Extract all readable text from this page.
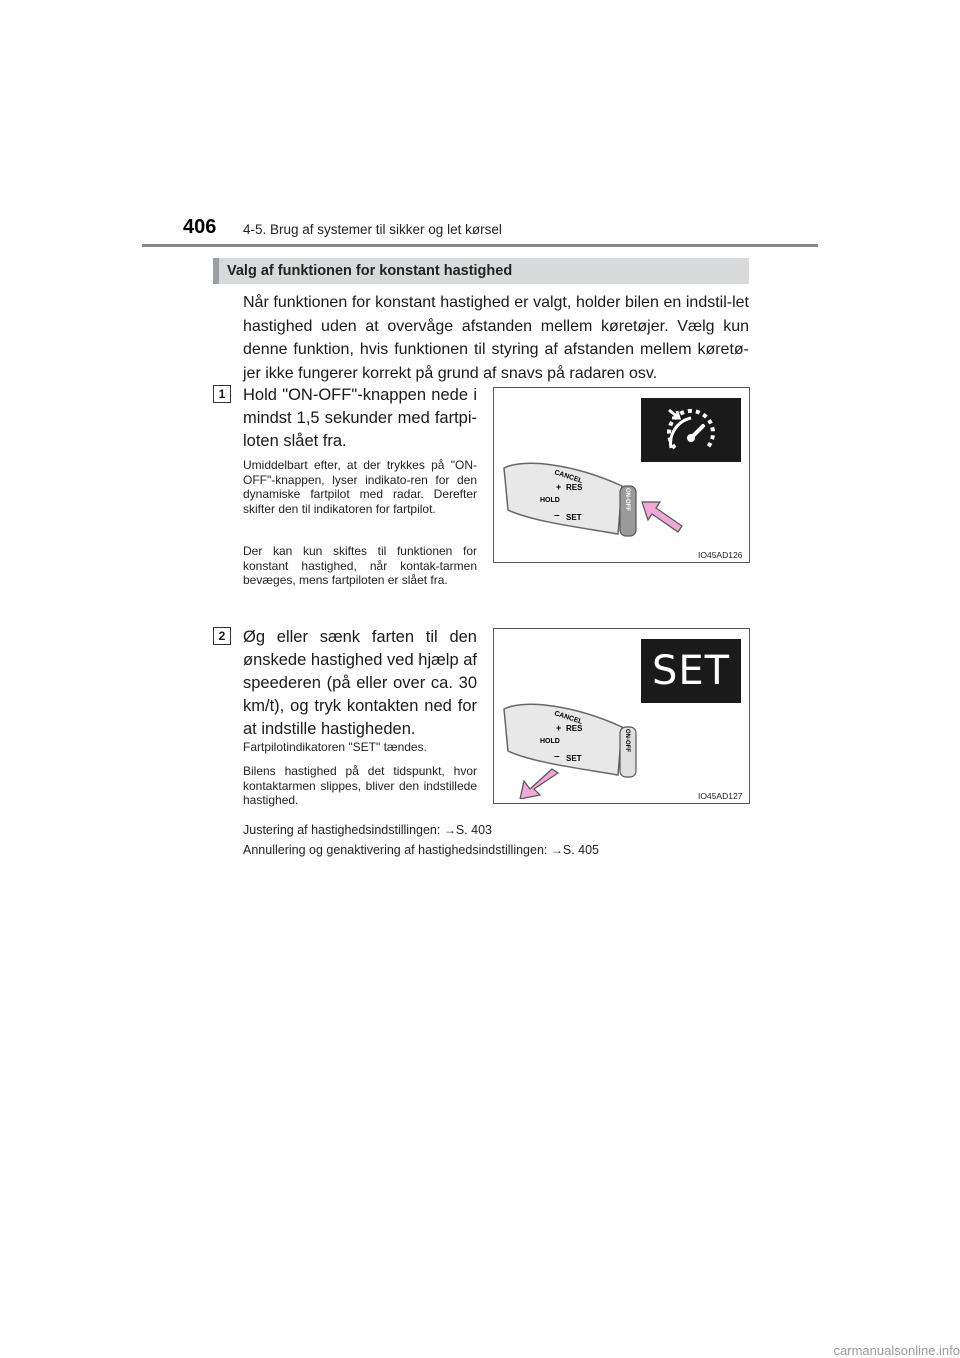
406 4-5. Brug af systemer til sikker og let kørsel
Valg af funktionen for konstant hastighed
Når funktionen for konstant hastighed er valgt, holder bilen en indstil-let hastighed uden at overvåge afstanden mellem køretøjer. Vælg kun denne funktion, hvis funktionen til styring af afstanden mellem køretø-jer ikke fungerer korrekt på grund af snavs på radaren osv.
1	Hold "ON-OFF"-knappen nede i mindst 1,5 sekunder med fartpi-loten slået fra.
Umiddelbart efter, at der trykkes på "ON-OFF"-knappen, lyser indikato-ren for den dynamiske fartpilot med radar. Derefter skifter den til indikatoren for fartpilot.
Der kan kun skiftes til funktionen for konstant hastighed, når kontak-tarmen bevæges, mens fartpiloten er slået fra.
CANCEL
+ RES
HOLD
– SET
ON-OFF
IO45AD126
2	Øg eller sænk farten til den ønskede hastighed ved hjælp af speederen (på eller over ca. 30 km/t), og tryk kontakten ned for at indstille hastigheden.
Fartpilotindikatoren "SET" tændes.
Bilens hastighed på det tidspunkt, hvor kontaktarmen slippes, bliver den indstillede hastighed.
SET
CANCEL
+ RES
HOLD
– SET
ON-OFF
IO45AD127
Justering af hastighedsindstillingen: →S. 403
Annullering og genaktivering af hastighedsindstillingen: →S. 405
carmanualsonline.info
